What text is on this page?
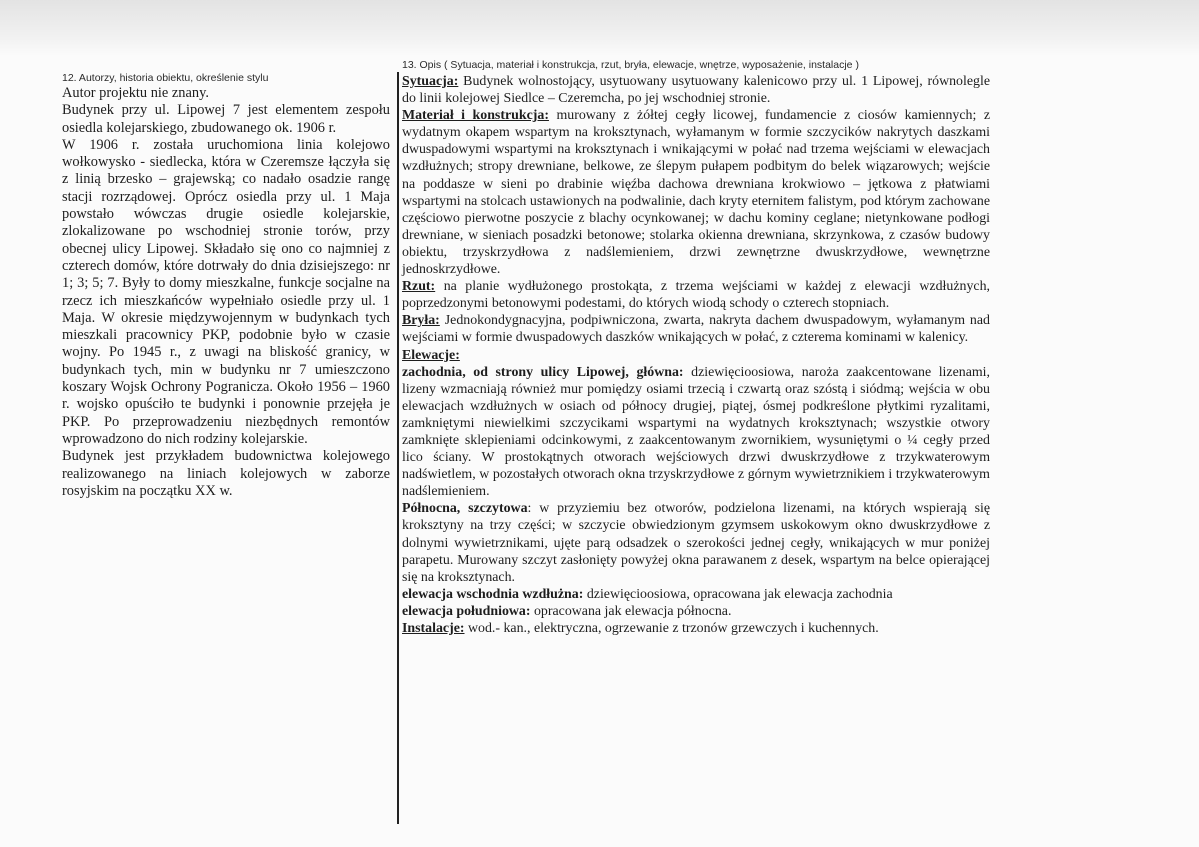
12. Autorzy, historia obiektu, określenie stylu

Autor projektu nie znany.

Budynek przy ul. Lipowej 7 jest elementem zespołu osiedla kolejarskiego, zbudowanego ok. 1906 r.

W 1906 r. została uruchomiona linia kolejowo wołkowysko - siedlecka, która w Czeremsze łączyła się z linią brzesko – grajewską; co nadało osadzie rangę stacji rozrządowej. Oprócz osiedla przy ul. 1 Maja powstało wówczas drugie osiedle kolejarskie, zlokalizowane po wschodniej stronie torów, przy obecnej ulicy Lipowej. Składało się ono co najmniej z czterech domów, które dotrwały do dnia dzisiejszego: nr 1; 3; 5; 7. Były to domy mieszkalne, funkcje socjalne na rzecz ich mieszkańców wypełniało osiedle przy ul. 1 Maja. W okresie międzywojennym w budynkach tych mieszkali pracownicy PKP, podobnie było w czasie wojny. Po 1945 r., z uwagi na bliskość granicy, w budynkach tych, min w budynku nr 7 umieszczono koszary Wojsk Ochrony Pogranicza. Około 1956 – 1960 r. wojsko opuściło te budynki i ponownie przejęła je PKP. Po przeprowadzeniu niezbędnych remontów wprowadzono do nich rodziny kolejarskie.

Budynek jest przykładem budownictwa kolejowego realizowanego na liniach kolejowych w zaborze rosyjskim na początku XX w.

13. Opis ( Sytuacja, materiał i konstrukcja, rzut, bryła, elewacje, wnętrze, wyposażenie, instalacje )

Sytuacja: Budynek wolnostojący, usytuowany usytuowany kalenicowo przy ul. 1 Lipowej, równolegle do linii kolejowej Siedlce – Czeremcha, po jej wschodniej stronie.

Materiał i konstrukcja: murowany z żółtej cegły licowej, fundamencie z ciosów kamiennych; z wydatnym okapem wspartym na kroksztynach, wyłamanym w formie szczycików nakrytych daszkami dwuspadowymi wspartymi na kroksztynach i wnikającymi w połać nad trzema wejściami w elewacjach wzdłużnych; stropy drewniane, belkowe, ze ślepym pułapem podbitym do belek wiązarowych; wejście na poddasze w sieni po drabinie więźba dachowa drewniana krokwiowo – jętkowa z płatwiami wspartymi na stolcach ustawionych na podwalinie, dach kryty eternitem falistym, pod którym zachowane częściowo pierwotne poszycie z blachy ocynkowanej; w dachu kominy ceglane; nietynkowane podłogi drewniane, w sieniach posadzki betonowe; stolarka okienna drewniana, skrzynkowa, z czasów budowy obiektu, trzyskrzydłowa z nadślemieniem, drzwi zewnętrzne dwuskrzydłowe, wewnętrzne jednoskrzydłowe.

Rzut: na planie wydłużonego prostokąta, z trzema wejściami w każdej z elewacji wzdłużnych, poprzedzonymi betonowymi podestami, do których wiodą schody o czterech stopniach.

Bryła: Jednokondygnacyjna, podpiwniczona, zwarta, nakryta dachem dwuspadowym, wyłamanym nad wejściami w formie dwuspadowych daszków wnikających w połać, z czterema kominami w kalenicy.

Elewacje:

zachodnia, od strony ulicy Lipowej, główna: dziewięcioosiowa, naroża zaakcentowane lizenami, lizeny wzmacniają również mur pomiędzy osiami trzecią i czwartą oraz szóstą i siódmą; wejścia w obu elewacjach wzdłużnych w osiach od północy drugiej, piątej, ósmej podkreślone płytkimi ryzalitami, zamkniętymi niewielkimi szczycikami wspartymi na wydatnych kroksztynach; wszystkie otwory zamknięte sklepieniami odcinkowymi, z zaakcentowanym zwornikiem, wysuniętymi o ¼ cegły przed lico ściany. W prostokątnych otworach wejściowych drzwi dwuskrzydłowe z trzykwaterowym nadświetlem, w pozostałych otworach okna trzyskrzydłowe z górnym wywietrznikiem i trzykwaterowym nadślemieniem.

Północna, szczytowa: w przyziemiu bez otworów, podzielona lizenami, na których wspierają się kroksztyny na trzy części; w szczycie obwiedzionym gzymsem uskokowym okno dwuskrzydłowe z dolnymi wywietrznikami, ujęte parą odsadzek o szerokości jednej cegły, wnikających w mur poniżej parapetu. Murowany szczyt zasłonięty powyżej okna parawanem z desek, wspartym na belce opierającej się na kroksztynach.

elewacja wschodnia wzdłużna: dziewięcioosiowa, opracowana jak elewacja zachodnia

elewacja południowa: opracowana jak elewacja północna.

Instalacje: wod.- kan., elektryczna, ogrzewanie z trzonów grzewczych i kuchennych.
